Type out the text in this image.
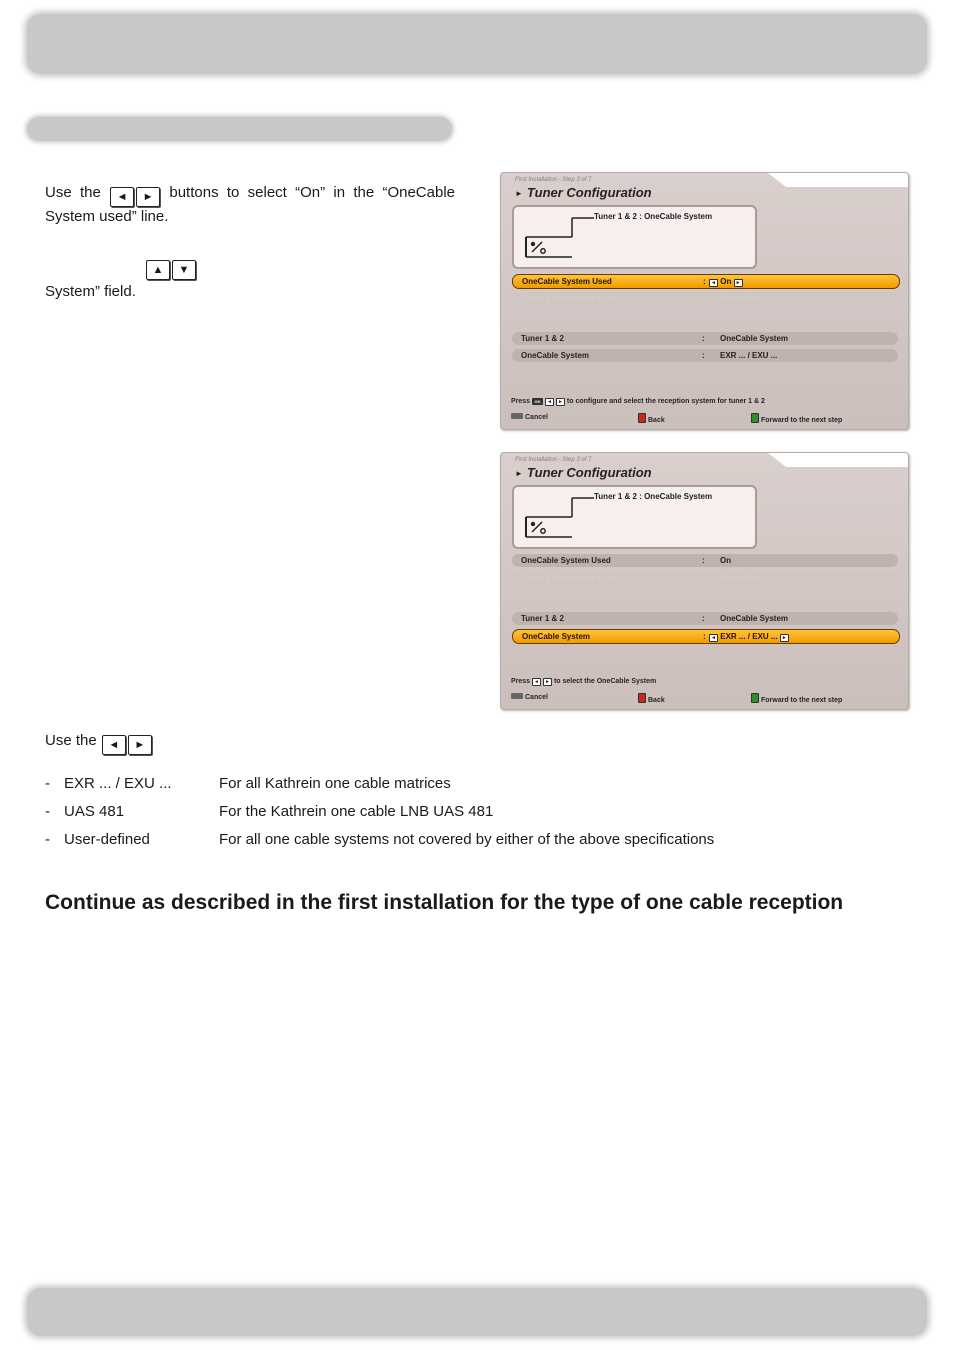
Use the ◄ ► buttons to select “On” in the “OneCable System used” line.
▲ ▼
System” field.
Use the ◄ ►
- EXR ... / EXU ...	For all Kathrein one cable matrices
- UAS 481	For the Kathrein one cable LNB UAS 481
- User-defined	For all one cable systems not covered by either of the above specifications
Continue as described in the first installation for the type of one cable reception
First Installation - Step 3 of 7
► Tuner Configuration
Tuner 1 & 2 : OneCable System
OneCable System Used	:	◄ On ►
Tuner 2 Connection type	Separation
Tuner 1 & 2	: OneCable System
OneCable System	: EXR ... / EXU ...
Press OK ◄ ► to configure and select the reception system for tuner 1 & 2
Cancel	Back	Forward to the next step
First Installation - Step 3 of 7
► Tuner Configuration
Tuner 1 & 2 : OneCable System
OneCable System Used	: On
Tuner 2 Connection type	Separation
Tuner 1 & 2	: OneCable System
OneCable System	:	◄ EXR ... / EXU ... ►
Press ◄ ► to select the OneCable System
Cancel	Back	Forward to the next step
